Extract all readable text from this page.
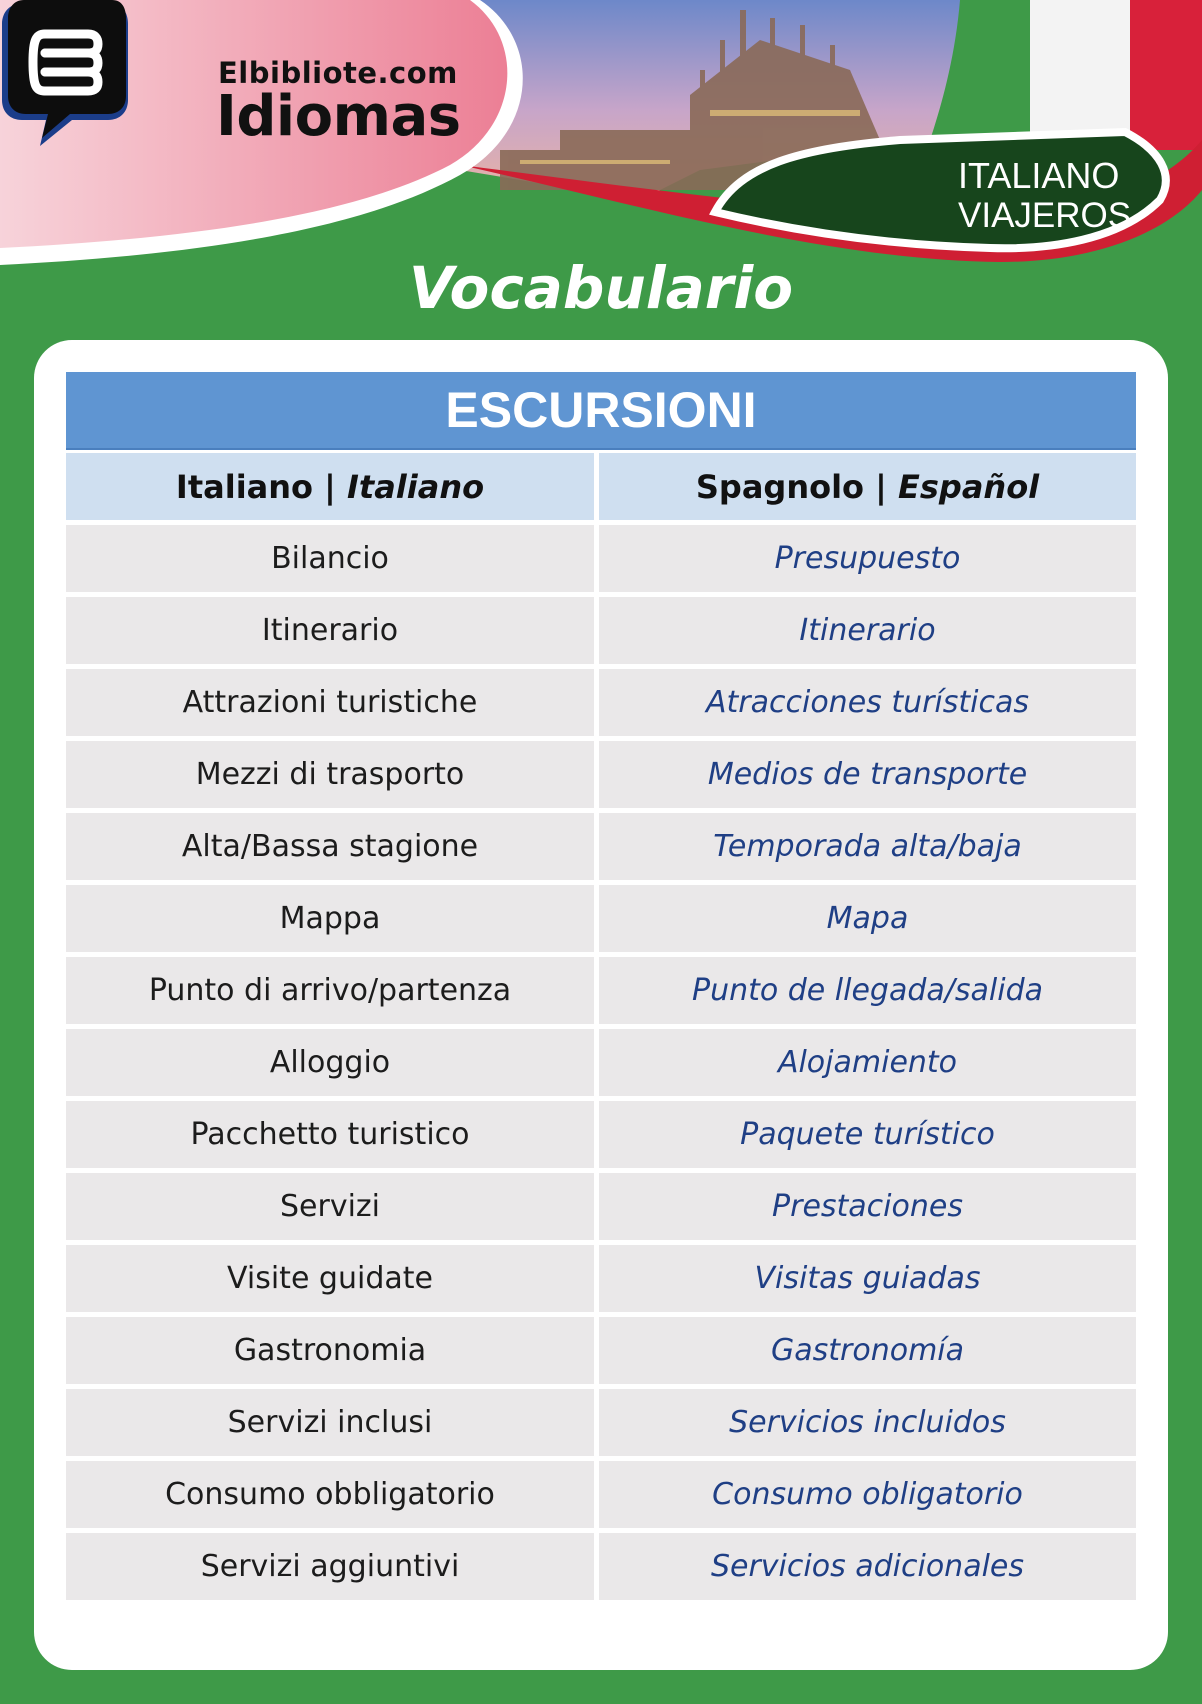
Elbibliote.com
Idiomas
ITALIANO
VIAJEROS
Vocabulario
ESCURSIONI
Italiano | Italiano	Spagnolo | Español
Bilancio	Presupuesto
Itinerario	Itinerario
Attrazioni turistiche	Atracciones turísticas
Mezzi di trasporto	Medios de transporte
Alta/Bassa stagione	Temporada alta/baja
Mappa	Mapa
Punto di arrivo/partenza	Punto de llegada/salida
Alloggio	Alojamiento
Pacchetto turistico	Paquete turístico
Servizi	Prestaciones
Visite guidate	Visitas guiadas
Gastronomia	Gastronomía
Servizi inclusi	Servicios incluidos
Consumo obbligatorio	Consumo obligatorio
Servizi aggiuntivi	Servicios adicionales
